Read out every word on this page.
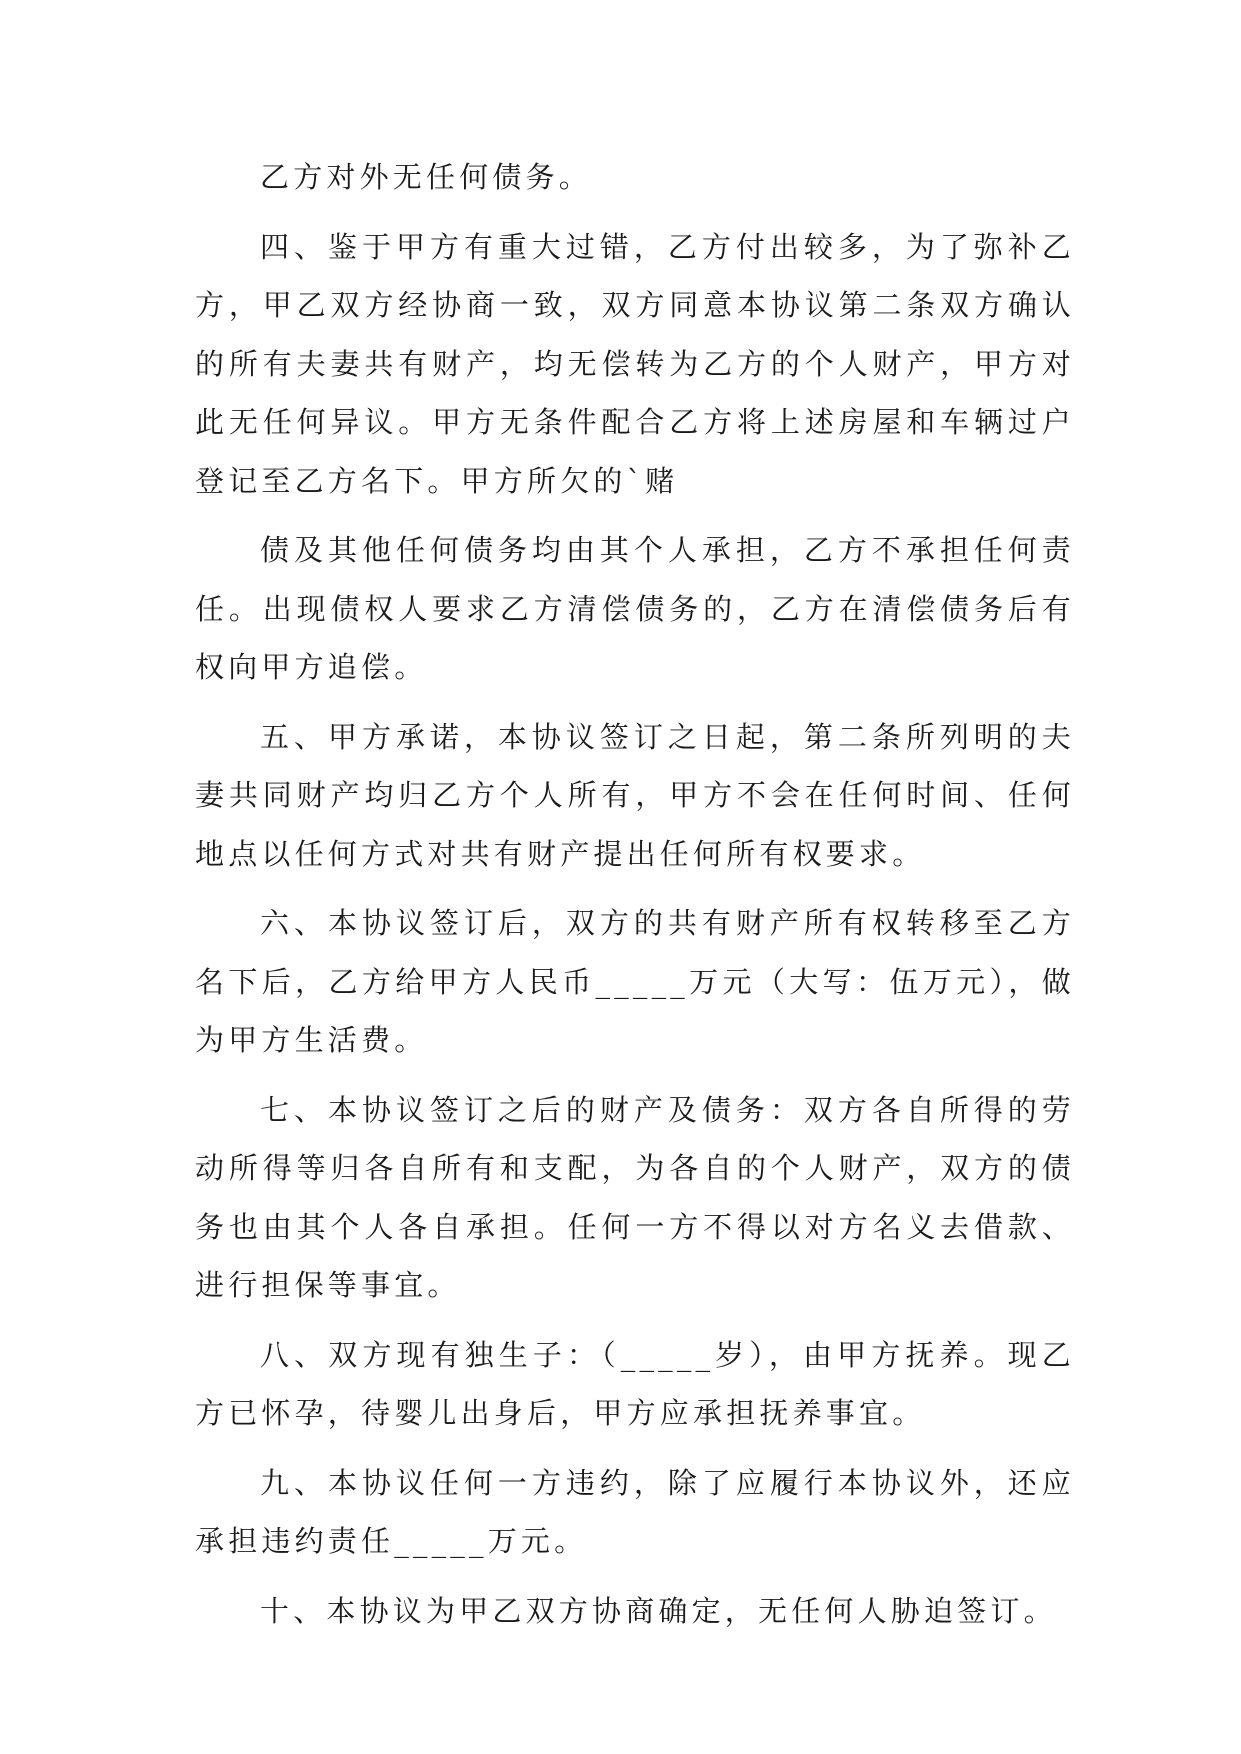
乙方对外无任何债务。

四、鉴于甲方有重大过错，乙方付出较多，为了弥补乙方，甲乙双方经协商一致，双方同意本协议第二条双方确认的所有夫妻共有财产，均无偿转为乙方的个人财产，甲方对此无任何异议。甲方无条件配合乙方将上述房屋和车辆过户登记至乙方名下。甲方所欠的`赌

债及其他任何债务均由其个人承担，乙方不承担任何责任。出现债权人要求乙方清偿债务的，乙方在清偿债务后有权向甲方追偿。

五、甲方承诺，本协议签订之日起，第二条所列明的夫妻共同财产均归乙方个人所有，甲方不会在任何时间、任何地点以任何方式对共有财产提出任何所有权要求。

六、本协议签订后，双方的共有财产所有权转移至乙方名下后，乙方给甲方人民币_____万元（大写：伍万元），做为甲方生活费。

七、本协议签订之后的财产及债务：双方各自所得的劳动所得等归各自所有和支配，为各自的个人财产，双方的债务也由其个人各自承担。任何一方不得以对方名义去借款、进行担保等事宜。

八、双方现有独生子：（_____岁），由甲方抚养。现乙方已怀孕，待婴儿出身后，甲方应承担抚养事宜。

九、本协议任何一方违约，除了应履行本协议外，还应承担违约责任_____万元。

十、本协议为甲乙双方协商确定，无任何人胁迫签订。
